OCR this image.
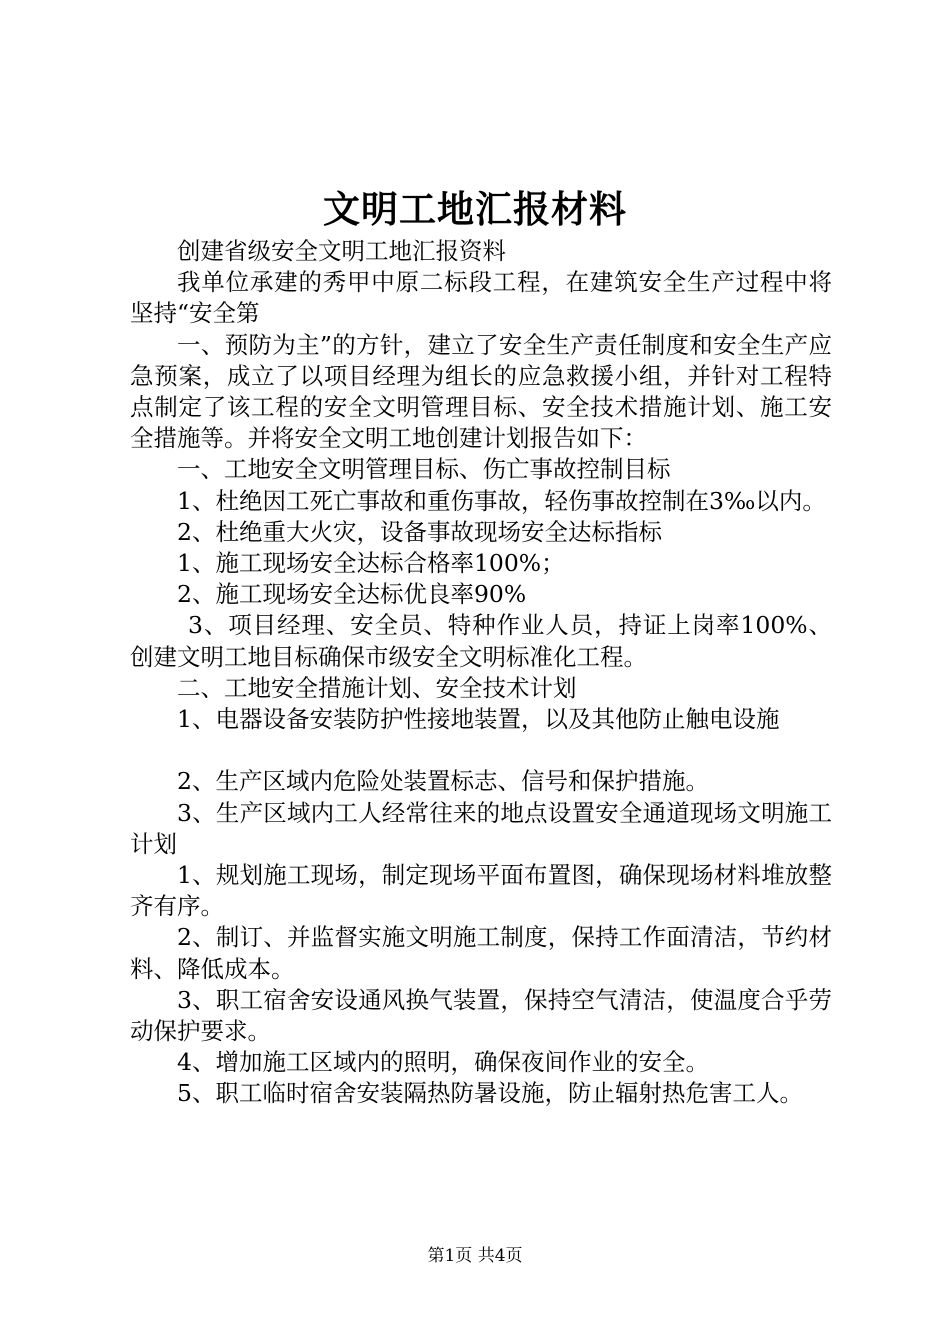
文明工地汇报材料

创建省级安全文明工地汇报资料

我单位承建的秀甲中原二标段工程，在建筑安全生产过程中将坚持“安全第

一、预防为主”的方针，建立了安全生产责任制度和安全生产应急预案，成立了以项目经理为组长的应急救援小组，并针对工程特点制定了该工程的安全文明管理目标、安全技术措施计划、施工安全措施等。并将安全文明工地创建计划报告如下：

一、工地安全文明管理目标、伤亡事故控制目标

1、杜绝因工死亡事故和重伤事故，轻伤事故控制在3‰以内。

2、杜绝重大火灾，设备事故现场安全达标指标

1、施工现场安全达标合格率100%；

2、施工现场安全达标优良率90%

3、项目经理、安全员、特种作业人员，持证上岗率100%、创建文明工地目标确保市级安全文明标准化工程。

二、工地安全措施计划、安全技术计划

1、电器设备安装防护性接地装置，以及其他防止触电设施

2、生产区域内危险处装置标志、信号和保护措施。

3、生产区域内工人经常往来的地点设置安全通道现场文明施工计划

1、规划施工现场，制定现场平面布置图，确保现场材料堆放整齐有序。

2、制订、并监督实施文明施工制度，保持工作面清洁，节约材料、降低成本。

3、职工宿舍安设通风换气装置，保持空气清洁，使温度合乎劳动保护要求。

4、增加施工区域内的照明，确保夜间作业的安全。

5、职工临时宿舍安装隔热防暑设施，防止辐射热危害工人。

第1页 共4页
